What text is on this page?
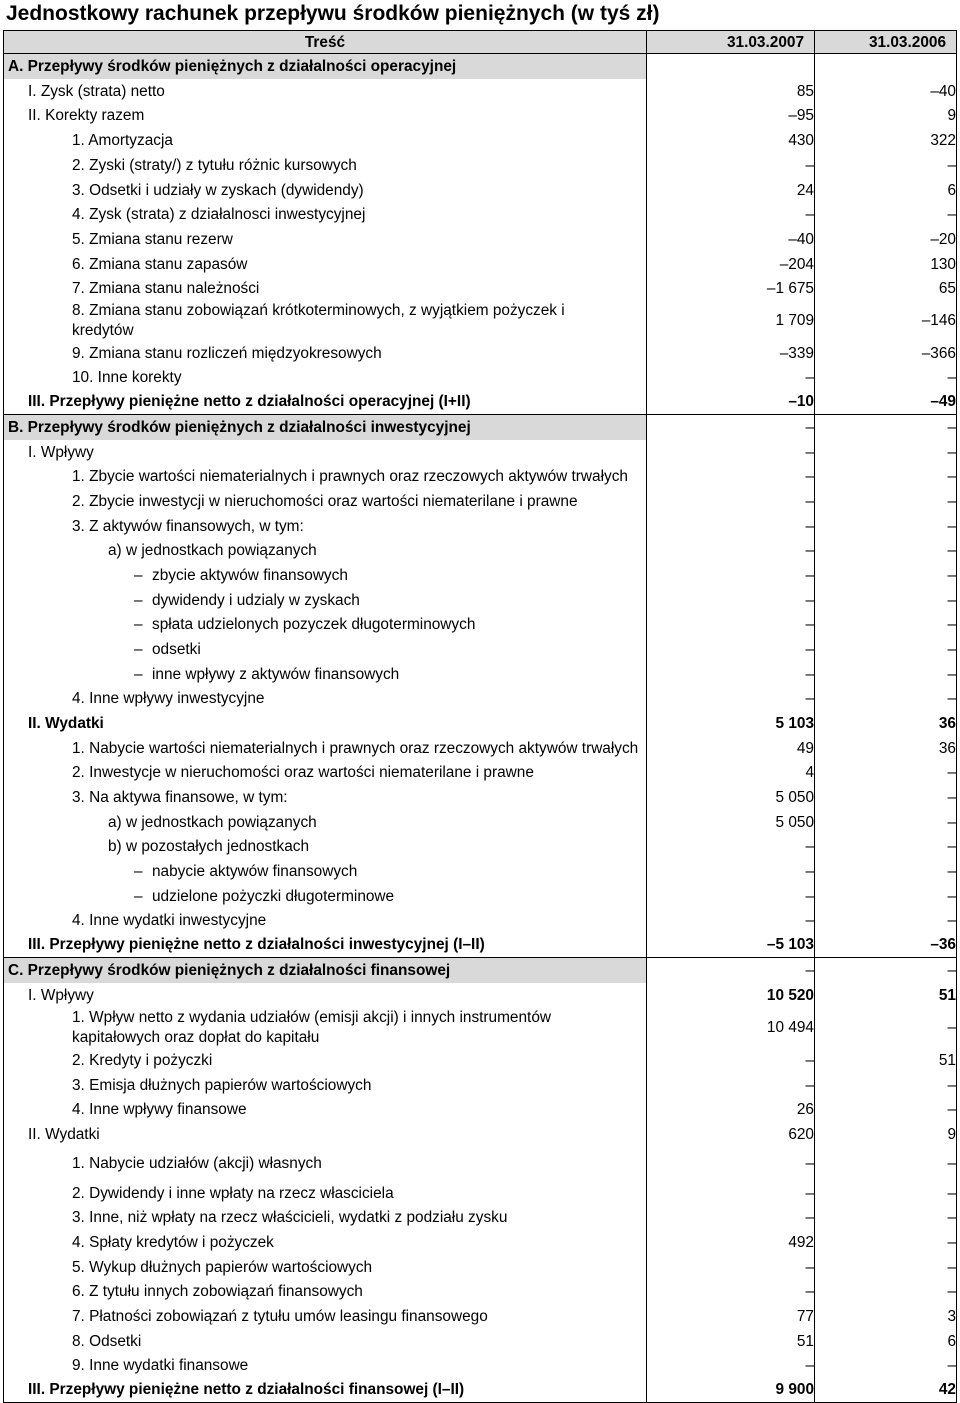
Jednostkowy rachunek przepływu środków pieniężnych (w tyś zł)
Treść	31.03.2007	31.03.2006
A. Przepływy środków pieniężnych z działalności operacyjnej		
I. Zysk (strata) netto	85	–40
II. Korekty razem	–95	9
1. Amortyzacja	430	322
2. Zyski (straty/) z tytułu różnic kursowych	–	–
3. Odsetki i udziały w zyskach (dywidendy)	24	6
4. Zysk (strata) z działalnosci inwestycyjnej	–	–
5. Zmiana stanu rezerw	–40	–20
6. Zmiana stanu zapasów	–204	130
7. Zmiana stanu należności	–1 675	65
8. Zmiana stanu zobowiązań krótkoterminowych, z wyjątkiem pożyczek i kredytów	1 709	–146
9. Zmiana stanu rozliczeń międzyokresowych	–339	–366
10. Inne korekty	–	–
III. Przepływy pieniężne netto z działalności operacyjnej (I+II)	–10	–49
B. Przepływy środków pieniężnych z działalności inwestycyjnej	–	–
I. Wpływy	–	–
1. Zbycie wartości niematerialnych i prawnych oraz rzeczowych aktywów trwałych	–	–
2. Zbycie inwestycji w nieruchomości oraz wartości niematerilane i prawne	–	–
3. Z aktywów finansowych, w tym:	–	–
a) w jednostkach powiązanych	–	–
– zbycie aktywów finansowych	–	–
– dywidendy i udzialy w zyskach	–	–
– spłata udzielonych pozyczek długoterminowych	–	–
– odsetki	–	–
– inne wpływy z aktywów finansowych	–	–
4. Inne wpływy inwestycyjne	–	–
II. Wydatki	5 103	36
1. Nabycie wartości niematerialnych i prawnych oraz rzeczowych aktywów trwałych	49	36
2. Inwestycje w nieruchomości oraz wartości niematerilane i prawne	4	–
3. Na aktywa finansowe, w tym:	5 050	–
a) w jednostkach powiązanych	5 050	–
b) w pozostałych jednostkach	–	–
– nabycie aktywów finansowych	–	–
– udzielone pożyczki długoterminowe	–	–
4. Inne wydatki inwestycyjne	–	–
III. Przepływy pieniężne netto z działalności inwestycyjnej (I–II)	–5 103	–36
C. Przepływy środków pieniężnych z działalności finansowej	–	–
I. Wpływy	10 520	51
1. Wpływ netto z wydania udziałów (emisji akcji) i innych instrumentów kapitałowych oraz dopłat do kapitału	10 494	–
2. Kredyty i pożyczki	–	51
3. Emisja dłużnych papierów wartościowych	–	–
4. Inne wpływy finansowe	26	–
II. Wydatki	620	9
1. Nabycie udziałów (akcji) własnych	–	–
2. Dywidendy i inne wpłaty na rzecz własciciela	–	–
3. Inne, niż wpłaty na rzecz właścicieli, wydatki z podziału zysku	–	–
4. Spłaty kredytów i pożyczek	492	–
5. Wykup dłużnych papierów wartościowych	–	–
6. Z tytułu innych zobowiązań finansowych	–	–
7. Płatności zobowiązań z tytułu umów leasingu finansowego	77	3
8. Odsetki	51	6
9. Inne wydatki finansowe	–	–
III. Przepływy pieniężne netto z działalności finansowej (I–II)	9 900	42
